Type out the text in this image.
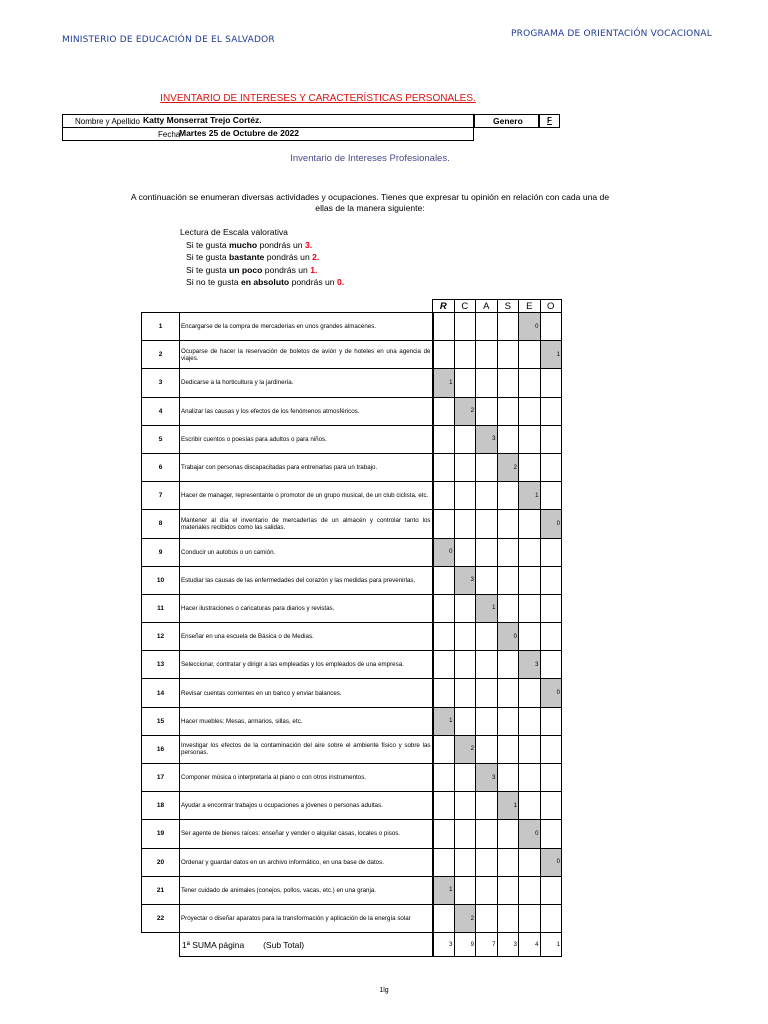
MINISTERIO DE EDUCACIÓN DE EL SALVADOR
PROGRAMA DE ORIENTACIÓN VOCACIONAL
INVENTARIO DE INTERESES Y CARACTERÍSTICAS PERSONALES.
Nombre y Apellido Katty Monserrat Trejo Cortéz.	Genero	F
Fecha
Martes 25 de Octubre de 2022
Inventario de Intereses Profesionales.
A continuación se enumeran diversas actividades y ocupaciones. Tienes que expresar tu opinión en relación con cada una de ellas de la manera siguiente:
Lectura de Escala valorativa
Si te gusta mucho pondrás un 3.
Si te gusta bastante pondrás un 2.
Si te gusta un poco pondrás un 1.
Si no te gusta en absoluto pondrás un 0.
		R	C	A	S	E	O
1	Encargarse de la compra de mercaderías en unos grandes almacenes.					0	
2	Ocuparse de hacer la reservación de boletos de avión y de hoteles en una agencia de viajes.						1
3	Dedicarse a la horticultura y la jardinería.	1					
4	Analizar las causas y los efectos de los fenómenos atmosféricos.		2				
5	Escribir cuentos o poesías para adultos o para niños.			3			
6	Trabajar con personas discapacitadas para entrenarlas para un trabajo.				2		
7	Hacer de manager, representante o promotor de un grupo musical, de un club ciclista, etc.					1	
8	Mantener al día el inventario de mercaderías de un almacén y controlar tanto los materiales recibidos como las salidas.						0
9	Conducir un autobús o un camión.	0					
10	Estudiar las causas de las enfermedades del corazón y las medidas para prevenirlas.		3				
11	Hacer ilustraciones o caricaturas para diarios y revistas.			1			
12	Enseñar en una escuela de Básica o de Medias.				0		
13	Seleccionar, contratar y dirigir a las empleadas y los empleados de una empresa.					3	
14	Revisar cuentas corrientes en un banco y enviar balances.						0
15	Hacer muebles: Mesas, armarios, sillas, etc.	1					
16	Investigar los efectos de la contaminación del aire sobre el ambiente físico y sobre las personas.		2				
17	Componer música o interpretaría al piano o con otros instrumentos.			3			
18	Ayudar a encontrar trabajos u ocupaciones a jóvenes o personas adultas.				1		
19	Ser agente de bienes raíces: enseñar y vender o alquilar casas, locales o pisos.					0	
20	Ordenar y guardar datos en un archivo informático, en una base de datos.						0
21	Tener cuidado de animales (conejos, pollos, vacas, etc.) en una granja.	1					
22	Proyectar o diseñar aparatos para la transformación y aplicación de la energía solar		2				
	1ª SUMA página        (Sub Total)	3	9	7	3	4	1
1lg
